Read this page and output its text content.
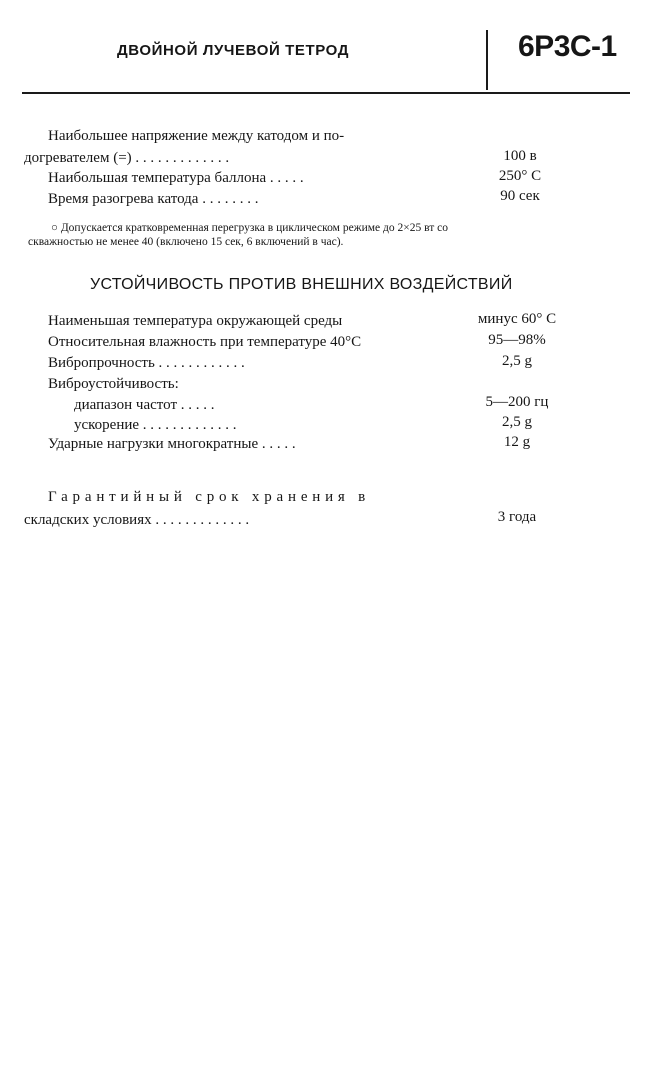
ДВОЙНОЙ ЛУЧЕВОЙ ТЕТРОД	6Р3С-1
Наибольшее напряжение между катодом и по-
догревателем (=) . . . . . . . . . . . . .	100 в
Наибольшая температура баллона . . . . .	250° С
Время разогрева катода . . . . . . . .	90 сек
○ Допускается кратковременная перегрузка в циклическом режиме до 2×25 вт со
скважностью не менее 40 (включено 15 сек, 6 включений в час).
УСТОЙЧИВОСТЬ ПРОТИВ ВНЕШНИХ ВОЗДЕЙСТВИЙ
Наименьшая температура окружающей среды	минус 60° С
Относительная влажность при температуре 40°С	95—98%
Вибропрочность . . . . . . . . . . . .	2,5 g
Виброустойчивость:
диапазон частот . . . . .	5—200 гц
ускорение . . . . . . . . . . . . .	2,5 g
Ударные нагрузки многократные . . . . .	12 g
Гарантийный срок хранения в
складских условиях . . . . . . . . . . . . .	3 года
